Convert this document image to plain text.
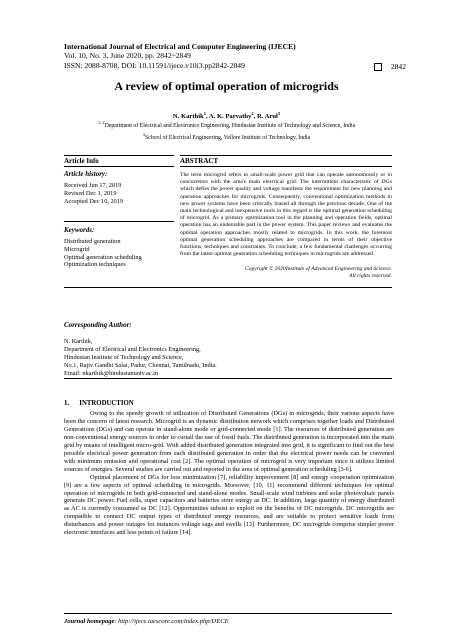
International Journal of Electrical and Computer Engineering (IJECE)
Vol. 10, No. 3, June 2020, pp. 2842~2849
ISSN: 2088-8708, DOI: 10.11591/ijece.v10i3.pp2842-2849	2842
A review of optimal operation of microgrids
N. Karthik$^1$, A. K. Parvathy$^2$, R. Arul$^3$
$^{1, 2}$Department of Electrical and Electronics Engineering, Hindustan Institute of Technology and Science, India
$^3$School of Electrical Engineering, Vellore Institute of Technology, India
Article Info
Article history:
Received Jun 17, 2019
Revised Dec 1, 2019
Accepted Dec 10, 2019
Keywords:
Distributed generation
Microgrid
Optimal generation scheduling
Optimization techniques
ABSTRACT
The term microgrid refers to small-scale power grid that can operate autonomously or in concurrence with the area's main electrical grid. The intermittent characteristic of DGs which defies the power quality and voltage manifests the requirement for new planning and operation approaches for microgrids. Consequently, conventional optimization methods in new power systems have been critically biased all through the previous decade. One of the main technological and inexpensive tools in this regard is the optimal generation scheduling of microgrid. As a primary optimization tool in the planning and operation fields, optimal operation has an undeniable part in the power system. This paper reviews and evaluates the optimal operation approaches mostly related to microgrids. In this work, the foremost optimal generation scheduling approaches are compared in terms of their objective functions, techniques and constraints. To conclude, a few fundamental challenges occurring from the latest optimal generation scheduling techniques in microgrids are addressed.
Copyright © 2020Institute of Advanced Engineering and Science.
All rights reserved.
Corresponding Author:
N. Karthik,
Department of Electrical and Electronics Engineering,
Hindustan Institute of Technology and Science,
No.1, Rajiv Gandhi Salai, Padur, Chennai, Tamilnadu, India.
Email: nkarthik@hindustanuniv.ac.in
1.      INTRODUCTION

Owing to the speedy growth of utilization of Distributed Generations (DGs) in microgrids, their various aspects have been the concern of latest research. Microgrid is an dynamic distribution network which comprises together loads and Distributed Generations (DGs) and can operate in stand-alone mode or grid-connected mode [1]. The resources of distributed generation are non-conventional energy sources in order to curtail the use of fossil fuels. The distributed generation is incorporated into the main grid by means of intelligent micro-grid. With added distributed generation integrated into grid, it is significant to find out the best possible electrical power generation from each distributed generation in order that the electrical power needs can be convened with minimum emission and operational cost [2]. The optimal operation of microgrid is very important since it utilizes limited sources of energies. Several studies are carried out and reported in the area of optimal generation scheduling [3-6].

Optimal placement of DGs for loss minimization [7], reliability improvement [8] and energy cooperation optimization [9] are a few aspects of optimal scheduling in microgrids. Moreover, [10, 11] recommend different techniques for optimal operation of microgrids in both grid-connected and stand-alone modes. Small-scale wind turbines and solar photovoltaic panels generate DC power. Fuel cells, super capacitors and batteries store energy as DC. In addition, large quantity of energy distributed as AC is currently consumed as DC [12]. Opportunities subsist to exploit on the benefits of DC microgrids. DC microgrids are compatible to connect DC output types of distributed energy resources, and are suitable to protect sensitive loads from disturbances and power outages for instances voltage sags and swells [13]. Furthermore, DC microgrids comprise simpler power electronic interfaces and less points of failure [14].

Journal homepage: http://ijece.iaescore.com/index.php/IJECE
